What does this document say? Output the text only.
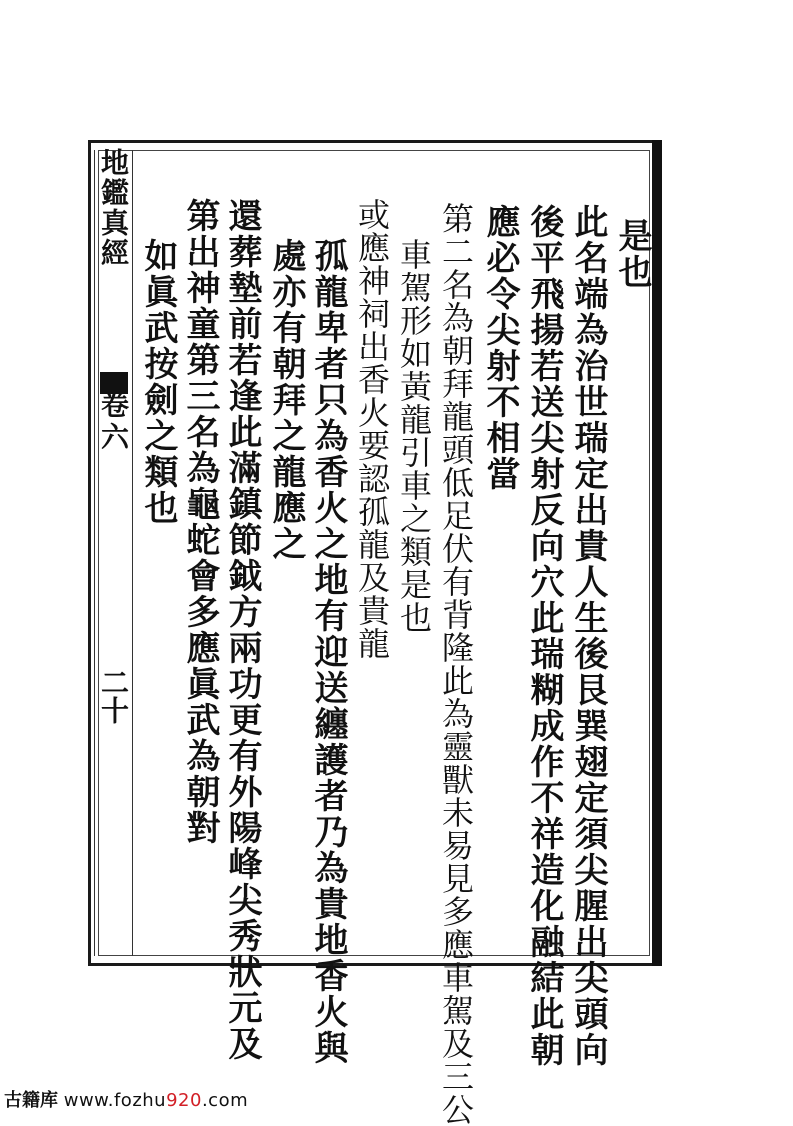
地鑑真經
卷六
二十
是也
此名端為治世瑞定出貴人生後艮巽翅定須尖腥出尖頭向
後平飛揚若送尖射反向穴此瑞糊成作不祥造化融結此朝
應必令尖射不相當
第二名為朝拜龍頭低足伏有背隆此為靈獸未易見多應車駕及三公
車駕形如黃龍引車之類是也
或應神祠出香火要認孤龍及貴龍
孤龍卑者只為香火之地有迎送纏護者乃為貴地香火與
處亦有朝拜之龍應之
還葬墊前若逢此滿鎮節鉞方兩功更有外陽峰尖秀狀元及
第出神童第三名為龜蛇會多應眞武為朝對
如眞武按劍之類也
古籍库 www.fozhu920.com
